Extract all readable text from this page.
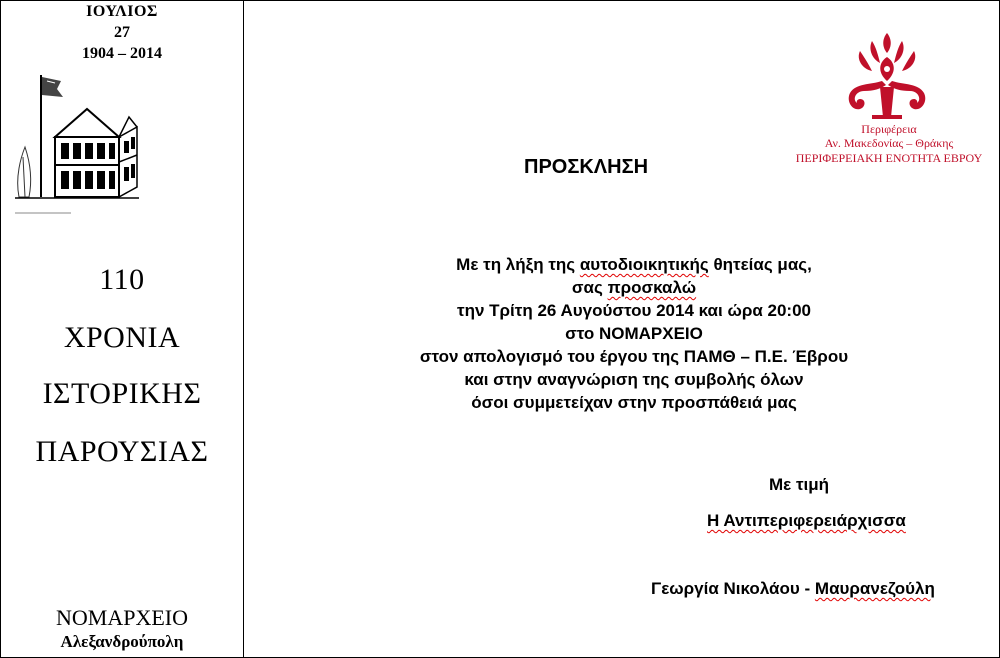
ΙΟΥΛΙΟΣ
27
1904 – 2014
110
ΧΡΟΝΙΑ
ΙΣΤΟΡΙΚΗΣ
ΠΑΡΟΥΣΙΑΣ
ΝΟΜΑΡΧΕΙΟ
Αλεξανδρούπολη
Περιφέρεια
Αν. Μακεδονίας – Θράκης
ΠΕΡΙΦΕΡΕΙΑΚΗ ΕΝΟΤΗΤΑ ΕΒΡΟΥ
ΠΡΟΣΚΛΗΣΗ
Με τη λήξη της αυτοδιοικητικής θητείας μας,
σας προσκαλώ
την Τρίτη 26 Αυγούστου 2014 και ώρα 20:00
στο ΝΟΜΑΡΧΕΙΟ
στον απολογισμό του έργου της ΠΑΜΘ – Π.Ε. Έβρου
και στην αναγνώριση της συμβολής όλων
όσοι συμμετείχαν στην προσπάθειά μας
Με τιμή
Η Αντιπεριφερειάρχισσα
Γεωργία Νικολάου - Μαυρανεζούλη
